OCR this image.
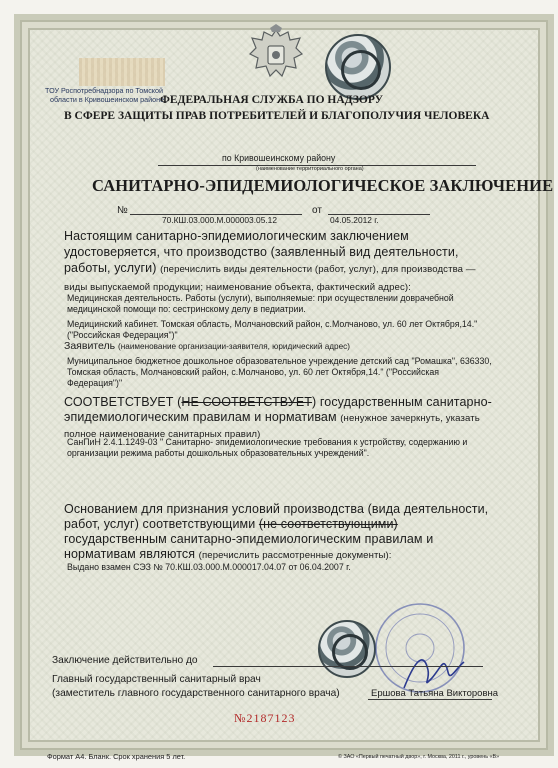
ТОУ Роспотребнадзора по Томской
области в Кривошеинском районе
ФЕДЕРАЛЬНАЯ СЛУЖБА ПО НАДЗОРУ
В СФЕРЕ ЗАЩИТЫ ПРАВ ПОТРЕБИТЕЛЕЙ И БЛАГОПОЛУЧИЯ ЧЕЛОВЕКА
по Кривошеинскому району
(наименование территориального органа)
САНИТАРНО-ЭПИДЕМИОЛОГИЧЕСКОЕ ЗАКЛЮЧЕНИЕ
№
70.КШ.03.000.М.000003.05.12
от
04.05.2012 г.
Настоящим санитарно-эпидемиологическим заключением удостоверяется, что производство (заявленный вид деятельности, работы, услуги) (перечислить виды деятельности (работ, услуг), для производства — виды выпускаемой продукции; наименование объекта, фактический адрес):
Медицинская деятельность. Работы (услуги), выполняемые: при осуществлении доврачебной медицинской помощи по: сестринскому делу в педиатрии.
Медицинский кабинет. Томская область, Молчановский район, с.Молчаново, ул. 60 лет Октября,14." ("Российская Федерация")"
Заявитель (наименование организации-заявителя, юридический адрес)
Муниципальное бюджетное дошкольное образовательное учреждение детский сад "Ромашка", 636330, Томская область, Молчановский район, с.Молчаново, ул. 60 лет Октября,14." ("Российская Федерация")"
СООТВЕТСТВУЕТ (НЕ СООТВЕТСТВУЕТ) государственным санитарно-эпидемиологическим правилам и нормативам (ненужное зачеркнуть, указать полное наименование санитарных правил)
СанПиН 2.4.1.1249-03 " Санитарно- эпидемиологические требования к устройству, содержанию и организации режима работы дошкольных образовательных учреждений".
Основанием для признания условий производства (вида деятельности, работ, услуг) соответствующими (не соответствующими) государственным санитарно-эпидемиологическим правилам и нормативам являются (перечислить рассмотренные документы):
Выдано взамен СЭЗ № 70.КШ.03.000.М.000017.04.07 от 06.04.2007 г.
Заключение действительно до
Главный государственный санитарный врач
(заместитель главного государственного санитарного врача)	Ершова Татьяна Викторовна
№2187123
Формат А4. Бланк. Срок хранения 5 лет.	© ЗАО «Первый печатный двор», г. Москва, 2011 г., уровень «В»
